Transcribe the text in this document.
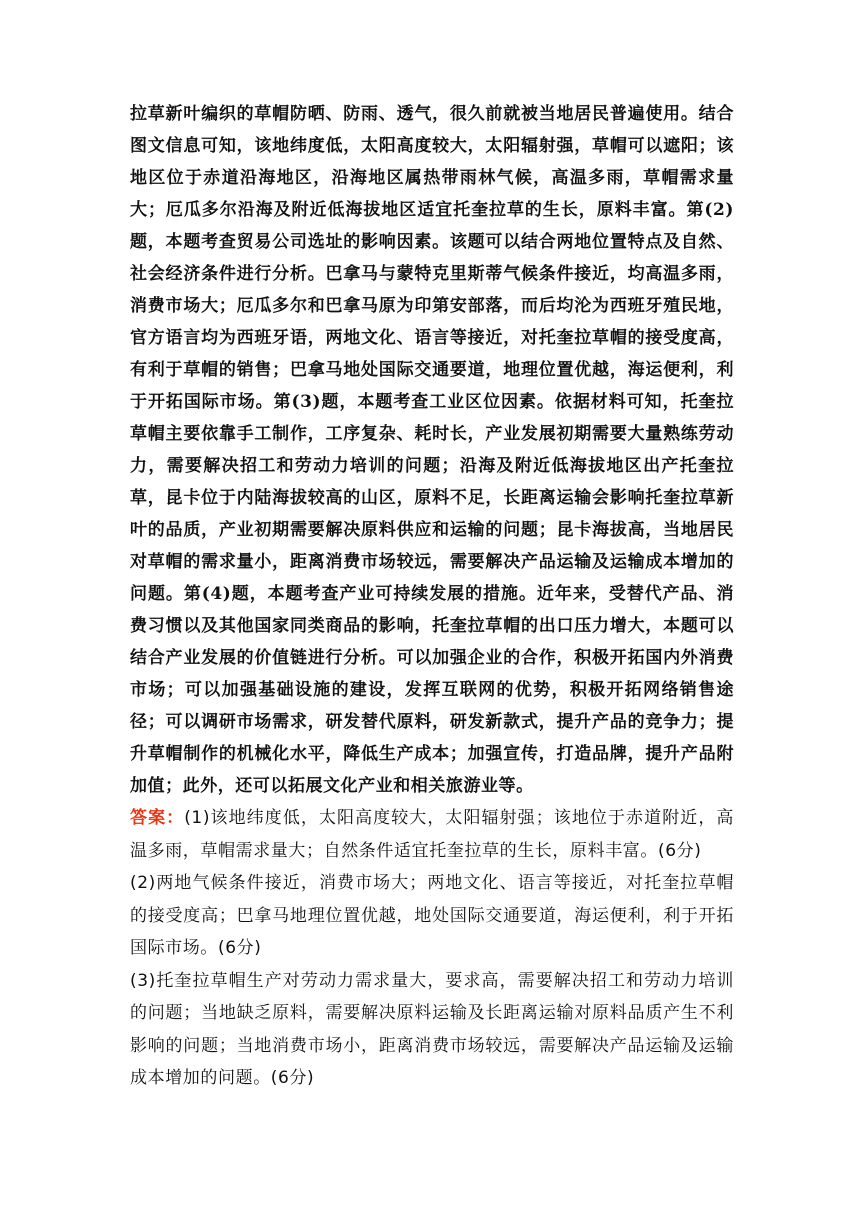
拉草新叶编织的草帽防晒、防雨、透气，很久前就被当地居民普遍使用。结合图文信息可知，该地纬度低，太阳高度较大，太阳辐射强，草帽可以遮阳；该地区位于赤道沿海地区，沿海地区属热带雨林气候，高温多雨，草帽需求量大；厄瓜多尔沿海及附近低海拔地区适宜托奎拉草的生长，原料丰富。第(2)题，本题考查贸易公司选址的影响因素。该题可以结合两地位置特点及自然、社会经济条件进行分析。巴拿马与蒙特克里斯蒂气候条件接近，均高温多雨，消费市场大；厄瓜多尔和巴拿马原为印第安部落，而后均沦为西班牙殖民地，官方语言均为西班牙语，两地文化、语言等接近，对托奎拉草帽的接受度高，有利于草帽的销售；巴拿马地处国际交通要道，地理位置优越，海运便利，利于开拓国际市场。第(3)题，本题考查工业区位因素。依据材料可知，托奎拉草帽主要依靠手工制作，工序复杂、耗时长，产业发展初期需要大量熟练劳动力，需要解决招工和劳动力培训的问题；沿海及附近低海拔地区出产托奎拉草，昆卡位于内陆海拔较高的山区，原料不足，长距离运输会影响托奎拉草新叶的品质，产业初期需要解决原料供应和运输的问题；昆卡海拔高，当地居民对草帽的需求量小，距离消费市场较远，需要解决产品运输及运输成本增加的问题。第(4)题，本题考查产业可持续发展的措施。近年来，受替代产品、消费习惯以及其他国家同类商品的影响，托奎拉草帽的出口压力增大，本题可以结合产业发展的价值链进行分析。可以加强企业的合作，积极开拓国内外消费市场；可以加强基础设施的建设，发挥互联网的优势，积极开拓网络销售途径；可以调研市场需求，研发替代原料，研发新款式，提升产品的竞争力；提升草帽制作的机械化水平，降低生产成本；加强宣传，打造品牌，提升产品附加值；此外，还可以拓展文化产业和相关旅游业等。

答案：(1)该地纬度低，太阳高度较大，太阳辐射强；该地位于赤道附近，高温多雨，草帽需求量大；自然条件适宜托奎拉草的生长，原料丰富。(6分)

(2)两地气候条件接近，消费市场大；两地文化、语言等接近，对托奎拉草帽的接受度高；巴拿马地理位置优越，地处国际交通要道，海运便利，利于开拓国际市场。(6分)

(3)托奎拉草帽生产对劳动力需求量大，要求高，需要解决招工和劳动力培训的问题；当地缺乏原料，需要解决原料运输及长距离运输对原料品质产生不利影响的问题；当地消费市场小，距离消费市场较远，需要解决产品运输及运输成本增加的问题。(6分)
